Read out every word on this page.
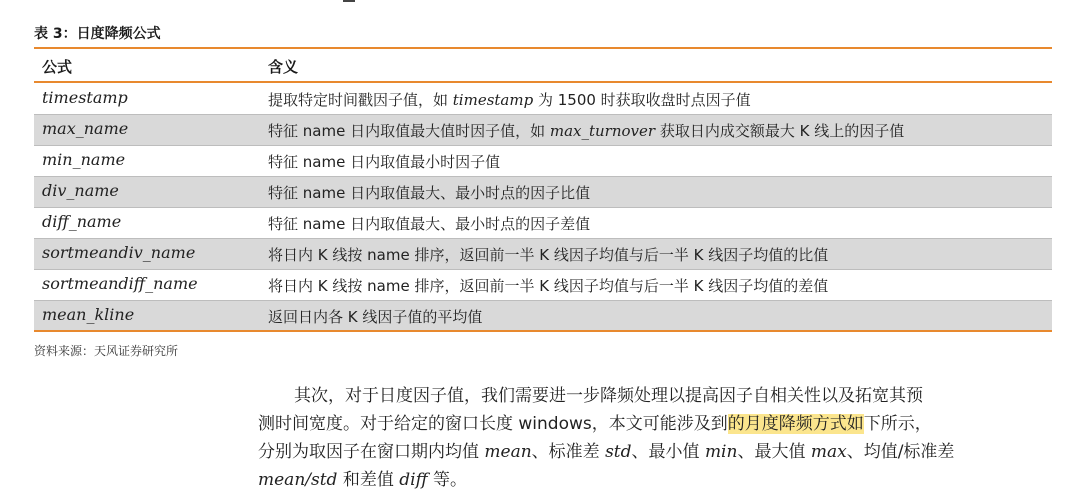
表 3：日度降频公式
公式	含义
timestamp	提取特定时间戳因子值，如 timestamp 为 1500 时获取收盘时点因子值
max_name	特征 name 日内取值最大值时因子值，如 max_turnover 获取日内成交额最大 K 线上的因子值
min_name	特征 name 日内取值最小时因子值
div_name	特征 name 日内取值最大、最小时点的因子比值
diff_name	特征 name 日内取值最大、最小时点的因子差值
sortmeandiv_name	将日内 K 线按 name 排序，返回前一半 K 线因子均值与后一半 K 线因子均值的比值
sortmeandiff_name	将日内 K 线按 name 排序，返回前一半 K 线因子均值与后一半 K 线因子均值的差值
mean_kline	返回日内各 K 线因子值的平均值
资料来源：天风证券研究所

其次，对于日度因子值，我们需要进一步降频处理以提高因子自相关性以及拓宽其预

测时间宽度。对于给定的窗口长度 windows，本文可能涉及到的月度降频方式如下所示，

分别为取因子在窗口期内均值 mean、标准差 std、最小值 min、最大值 max、均值/标准差

mean/std 和差值 diff 等。
